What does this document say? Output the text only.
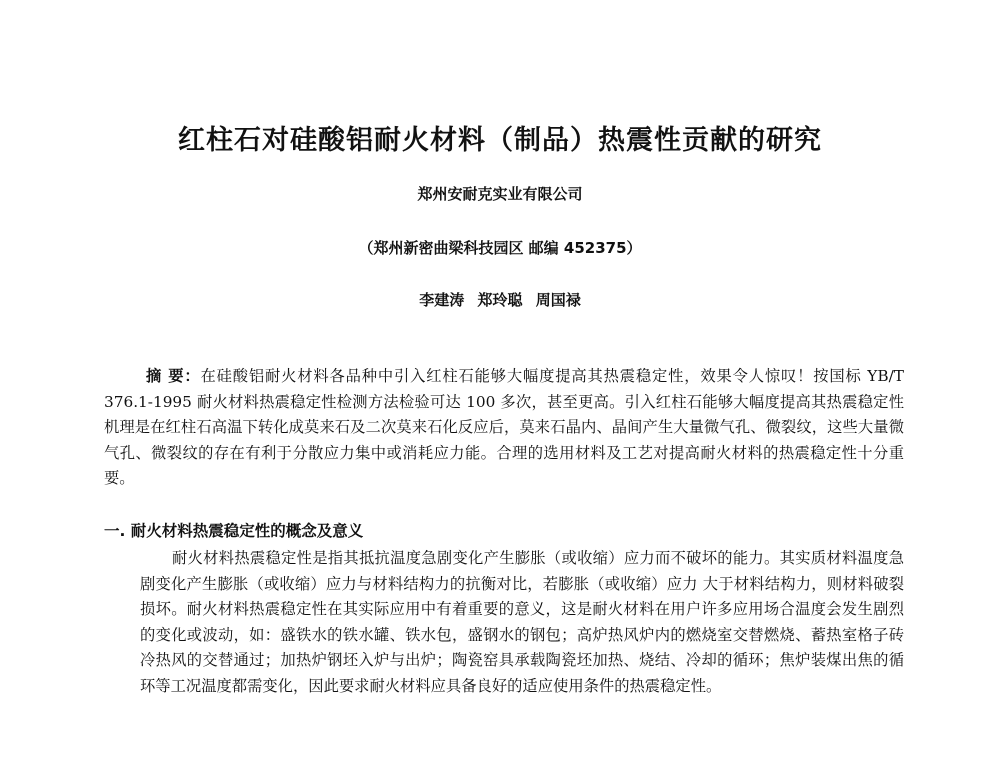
红柱石对硅酸铝耐火材料（制品）热震性贡献的研究
郑州安耐克实业有限公司
（郑州新密曲梁科技园区 邮编 452375）
李建涛 郑玲聪 周国禄

摘 要：在硅酸铝耐火材料各品种中引入红柱石能够大幅度提高其热震稳定性，效果令人惊叹！按国标 YB/T 376.1-1995 耐火材料热震稳定性检测方法检验可达 100 多次，甚至更高。引入红柱石能够大幅度提高其热震稳定性机理是在红柱石高温下转化成莫来石及二次莫来石化反应后，莫来石晶内、晶间产生大量微气孔、微裂纹，这些大量微气孔、微裂纹的存在有利于分散应力集中或消耗应力能。合理的选用材料及工艺对提高耐火材料的热震稳定性十分重要。

一. 耐火材料热震稳定性的概念及意义

耐火材料热震稳定性是指其抵抗温度急剧变化产生膨胀（或收缩）应力而不破坏的能力。其实质材料温度急剧变化产生膨胀（或收缩）应力与材料结构力的抗衡对比，若膨胀（或收缩）应力 大于材料结构力，则材料破裂损坏。耐火材料热震稳定性在其实际应用中有着重要的意义，这是耐火材料在用户许多应用场合温度会发生剧烈的变化或波动，如：盛铁水的铁水罐、铁水包，盛钢水的钢包；高炉热风炉内的燃烧室交替燃烧、蓄热室格子砖冷热风的交替通过；加热炉钢坯入炉与出炉；陶瓷窑具承载陶瓷坯加热、烧结、冷却的循环；焦炉装煤出焦的循环等工况温度都需变化，因此要求耐火材料应具备良好的适应使用条件的热震稳定性。
